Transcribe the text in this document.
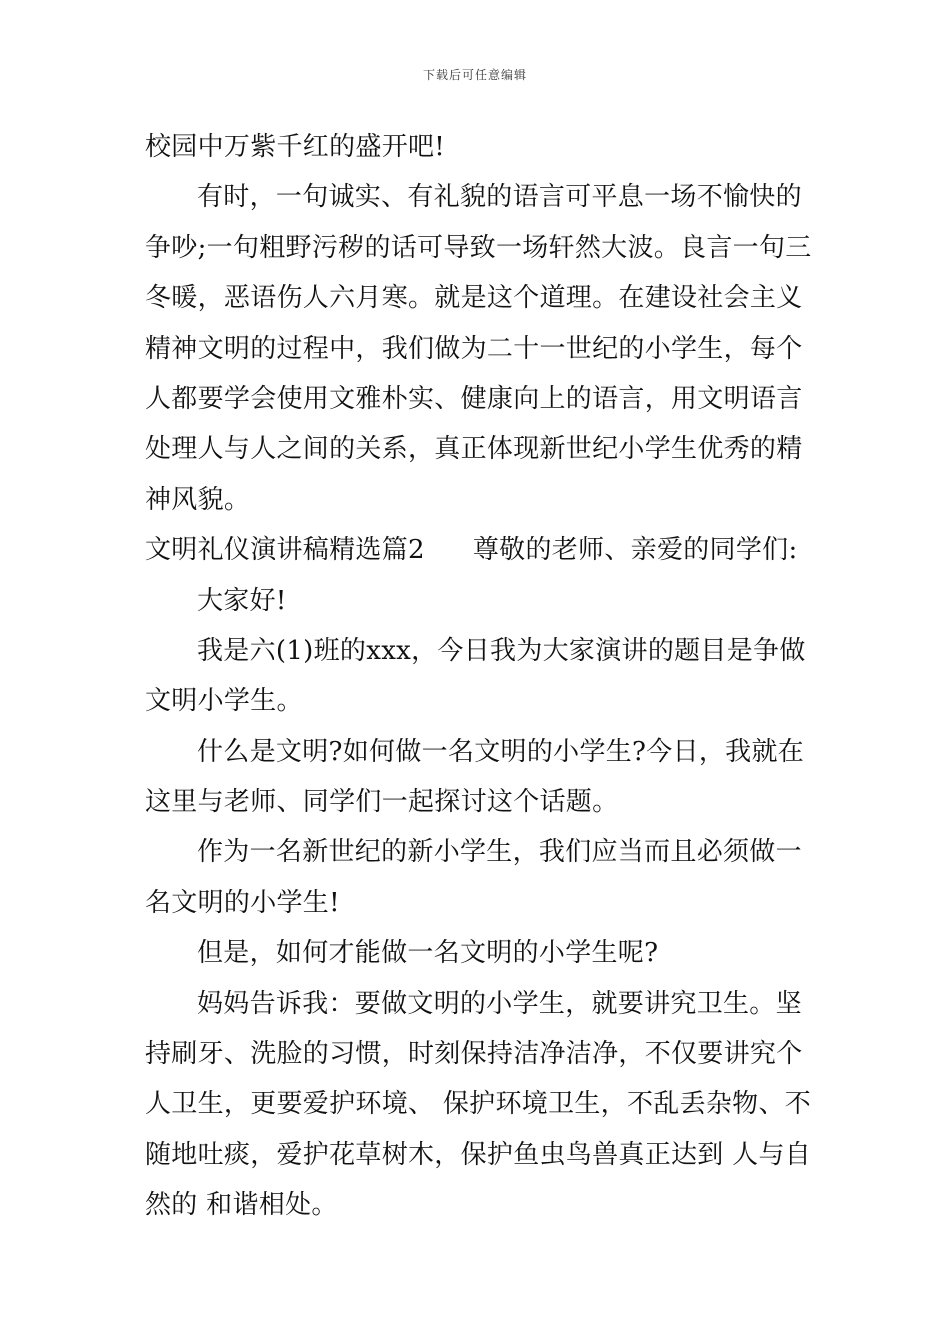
下载后可任意编辑
校园中万紫千红的盛开吧!
有时，一句诚实、有礼貌的语言可平息一场不愉快的
争吵;一句粗野污秽的话可导致一场轩然大波。良言一句三
冬暖，恶语伤人六月寒。就是这个道理。在建设社会主义
精神文明的过程中，我们做为二十一世纪的小学生，每个
人都要学会使用文雅朴实、健康向上的语言，用文明语言
处理人与人之间的关系，真正体现新世纪小学生优秀的精
神风貌。
文明礼仪演讲稿精选篇2 尊敬的老师、亲爱的同学们:
大家好!
我是六(1)班的xxx，今日我为大家演讲的题目是争做
文明小学生。
什么是文明?如何做一名文明的小学生?今日，我就在
这里与老师、同学们一起探讨这个话题。
作为一名新世纪的新小学生，我们应当而且必须做一
名文明的小学生!
但是，如何才能做一名文明的小学生呢?
妈妈告诉我：要做文明的小学生，就要讲究卫生。坚
持刷牙、洗脸的习惯，时刻保持洁净洁净，不仅要讲究个
人卫生，更要爱护环境、 保护环境卫生，不乱丢杂物、不
随地吐痰，爱护花草树木，保护鱼虫鸟兽真正达到 人与自
然的 和谐相处。
